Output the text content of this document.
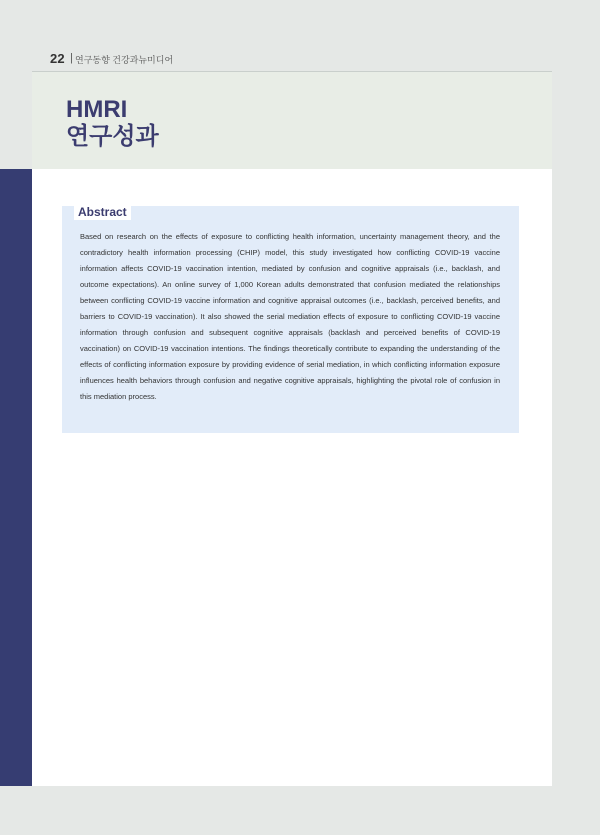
22 | 연구동향 건강과뉴미디어
HMRI
연구성과
Abstract

Based on research on the effects of exposure to conflicting health information, uncertainty management theory, and the contradictory health information processing (CHIP) model, this study investigated how conflicting COVID-19 vaccine information affects COVID-19 vaccination intention, mediated by confusion and cognitive appraisals (i.e., backlash, and outcome expectations). An online survey of 1,000 Korean adults demonstrated that confusion mediated the relationships between conflicting COVID-19 vaccine information and cognitive appraisal outcomes (i.e., backlash, perceived benefits, and barriers to COVID-19 vaccination). It also showed the serial mediation effects of exposure to conflicting COVID-19 vaccine information through confusion and subsequent cognitive appraisals (backlash and perceived benefits of COVID-19 vaccination) on COVID-19 vaccination intentions. The findings theoretically contribute to expanding the understanding of the effects of conflicting information exposure by providing evidence of serial mediation, in which conflicting information exposure influences health behaviors through confusion and negative cognitive appraisals, highlighting the pivotal role of confusion in this mediation process.
